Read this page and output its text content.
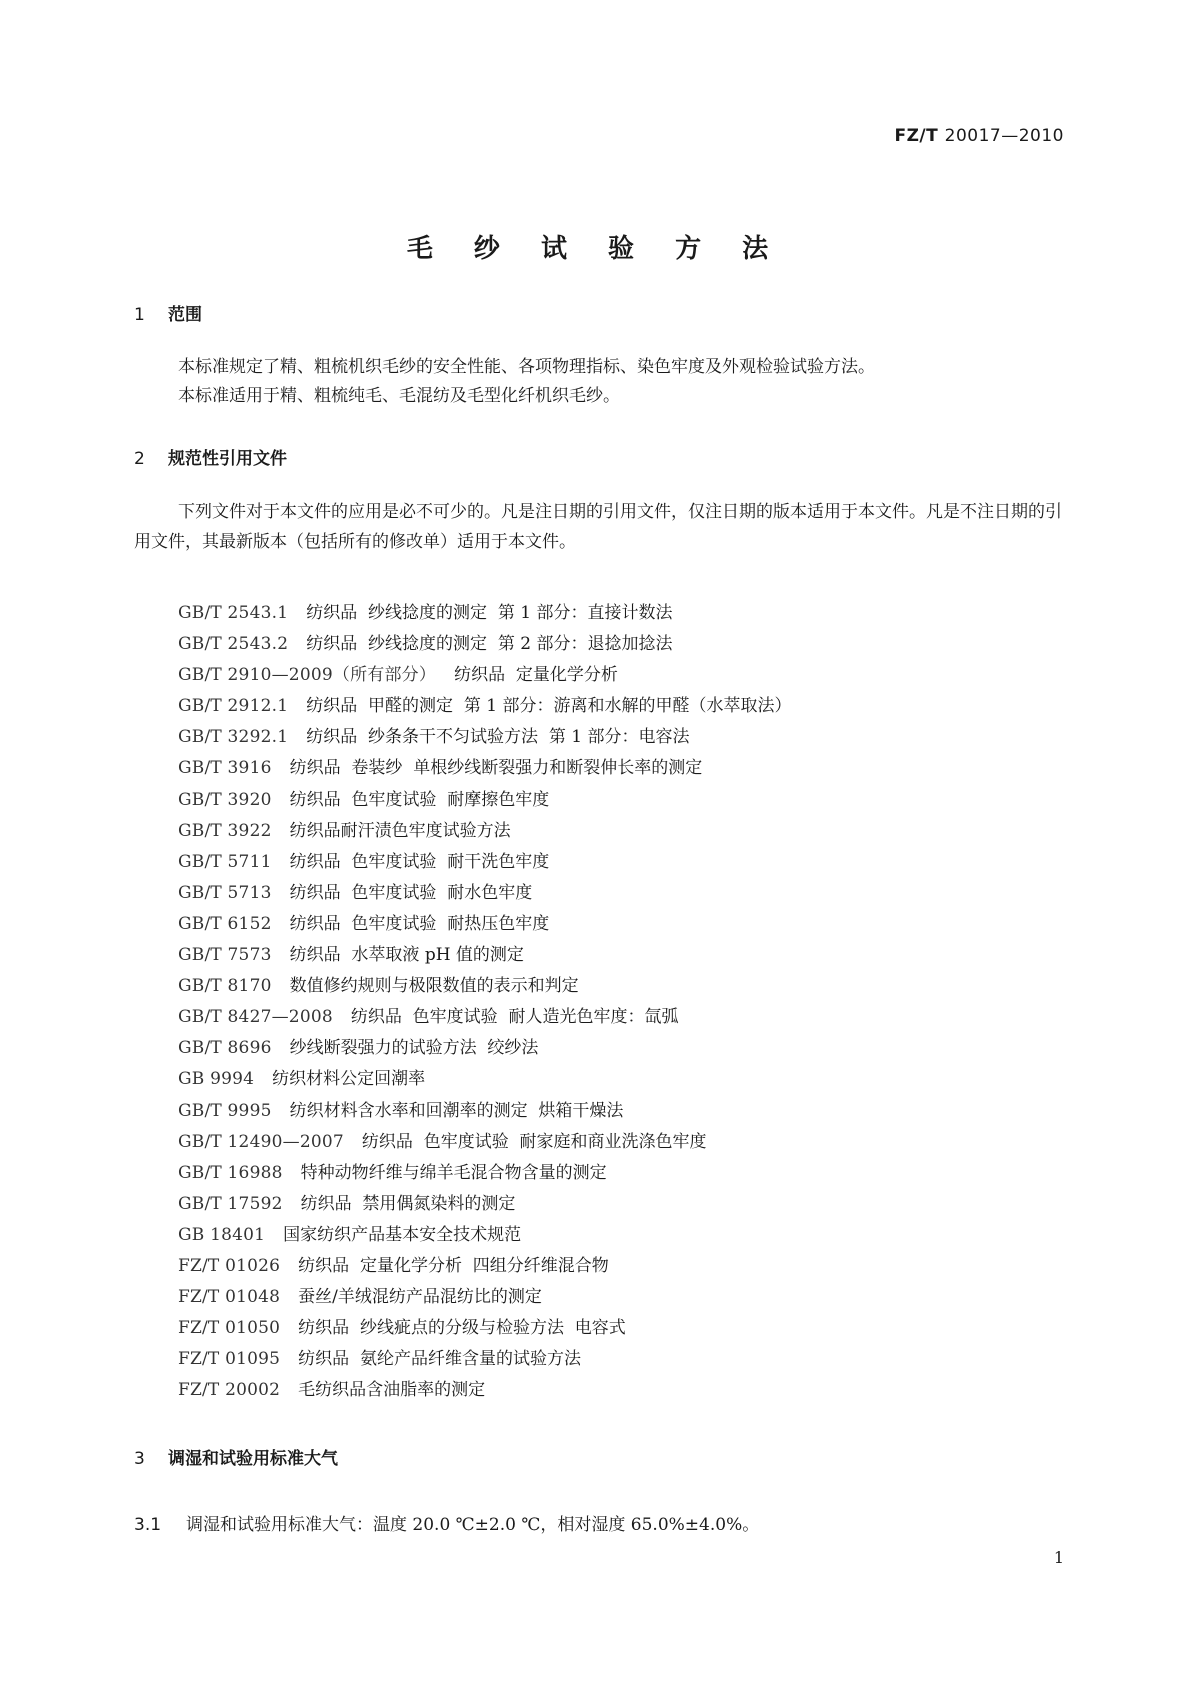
FZ/T 20017—2010
毛 纱 试 验 方 法
1 范围
本标准规定了精、粗梳机织毛纱的安全性能、各项物理指标、染色牢度及外观检验试验方法。
本标准适用于精、粗梳纯毛、毛混纺及毛型化纤机织毛纱。
2 规范性引用文件
下列文件对于本文件的应用是必不可少的。凡是注日期的引用文件，仅注日期的版本适用于本文件。凡是不注日期的引用文件，其最新版本（包括所有的修改单）适用于本文件。
GB/T 2543.1 纺织品  纱线捻度的测定  第 1 部分：直接计数法
GB/T 2543.2 纺织品  纱线捻度的测定  第 2 部分：退捻加捻法
GB/T 2910—2009（所有部分） 纺织品  定量化学分析
GB/T 2912.1 纺织品  甲醛的测定  第 1 部分：游离和水解的甲醛（水萃取法）
GB/T 3292.1 纺织品  纱条条干不匀试验方法  第 1 部分：电容法
GB/T 3916 纺织品  卷装纱  单根纱线断裂强力和断裂伸长率的测定
GB/T 3920 纺织品  色牢度试验  耐摩擦色牢度
GB/T 3922 纺织品耐汗渍色牢度试验方法
GB/T 5711 纺织品  色牢度试验  耐干洗色牢度
GB/T 5713 纺织品  色牢度试验  耐水色牢度
GB/T 6152 纺织品  色牢度试验  耐热压色牢度
GB/T 7573 纺织品  水萃取液 pH 值的测定
GB/T 8170 数值修约规则与极限数值的表示和判定
GB/T 8427—2008 纺织品  色牢度试验  耐人造光色牢度：氙弧
GB/T 8696 纱线断裂强力的试验方法  绞纱法
GB 9994 纺织材料公定回潮率
GB/T 9995 纺织材料含水率和回潮率的测定  烘箱干燥法
GB/T 12490—2007 纺织品  色牢度试验  耐家庭和商业洗涤色牢度
GB/T 16988 特种动物纤维与绵羊毛混合物含量的测定
GB/T 17592 纺织品  禁用偶氮染料的测定
GB 18401 国家纺织产品基本安全技术规范
FZ/T 01026 纺织品  定量化学分析  四组分纤维混合物
FZ/T 01048 蚕丝/羊绒混纺产品混纺比的测定
FZ/T 01050 纺织品  纱线疵点的分级与检验方法  电容式
FZ/T 01095 纺织品  氨纶产品纤维含量的试验方法
FZ/T 20002 毛纺织品含油脂率的测定
3 调湿和试验用标准大气
3.1 调湿和试验用标准大气：温度 20.0 ℃±2.0 ℃，相对湿度 65.0%±4.0%。
1
